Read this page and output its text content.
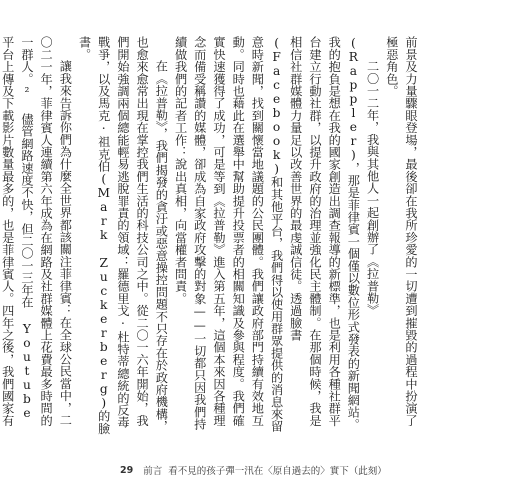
前景及力量驟眼登場，最後卻在我所珍愛的一切遭到摧毀的過程中扮演了極惡角色。

二〇一二年，我與其他人一起創辦了《拉普勒》(Rappler)，那是菲律賓一個僅以數位形式發表的新聞網站。我的抱負是想在我的國家創造出調查報導的新標準，也是利用各種社群平台建立行動社群，以提升政府的治理並強化民主體制。在那個時候，我是相信社群媒體力量足以改善世界的最虔誠信徒。透過臉書(Facebook)和其他平台，我們得以使用群眾提供的消息來留意時新聞，找到關懷當地議題的公民團體。我們讓政府部門持續有效地互動。同時也藉此在選舉中幫助提升投票者的相關知識及參與程度。我們確實快速獲得了成功，可是等到《拉普勒》進入第五年，這個本來因各種理念而備受稱讚的媒體，卻成為自家政府攻擊的對象——一切都只因我們持續做我們的記者工作：說出真相，向當權者問責。

在《拉普勒》，我們揭發的貪汙或惡意操控問題不只存在於政府機構，也愈來愈常出現在掌控我們生活的科技公司之中。從二〇一六年開始，我們開始強調兩個總能輕易逃脫罪責的領域：羅德里戈·杜特蒂總統的反毒戰爭，以及馬克·祖克伯(Mark Zuckerberg)的臉書。

讓我來告訴你們為什麼全世界都該關注菲律賓：在全球公民當中，二〇二一年，菲律賓人連續第六年成為在網路及社群媒體上花費最多時間的一群人。² 儘管網路速度不快，但二〇一三年在 Youtube 平台上傳及下載影片數量最多的，也是菲律賓人。四年之後，我們國家有

29 前言 看不見的孩子彈一汛在〈原自過去的〉實下（此刻）
